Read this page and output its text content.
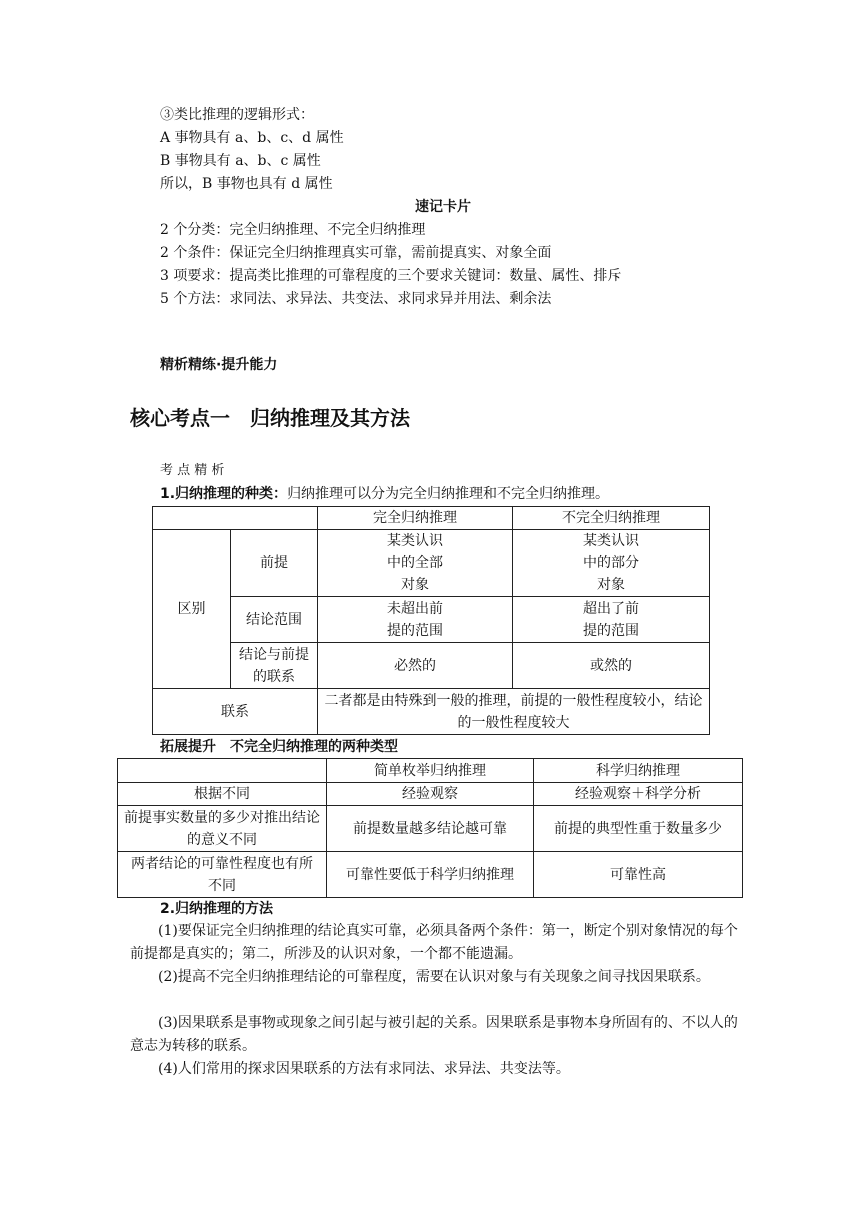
③类比推理的逻辑形式：
A 事物具有 a、b、c、d 属性
B 事物具有 a、b、c 属性
所以，B 事物也具有 d 属性
速记卡片
2 个分类：完全归纳推理、不完全归纳推理
2 个条件：保证完全归纳推理真实可靠，需前提真实、对象全面
3 项要求：提高类比推理的可靠程度的三个要求关键词：数量、属性、排斥
5 个方法：求同法、求异法、共变法、求同求异并用法、剩余法
精析精练·提升能力
核心考点一　归纳推理及其方法
考 点 精 析
1.归纳推理的种类：归纳推理可以分为完全归纳推理和不完全归纳推理。
		完全归纳推理	不完全归纳推理
区别	前提	某类认识中的全部对象	某类认识中的部分对象
	结论范围	未超出前提的范围	超出了前提的范围
	结论与前提的联系	必然的	或然的
联系		二者都是由特殊到一般的推理，前提的一般性程度较小，结论的一般性程度较大	
拓展提升　不完全归纳推理的两种类型
	简单枚举归纳推理	科学归纳推理
根据不同	经验观察	经验观察＋科学分析
前提事实数量的多少对推出结论的意义不同	前提数量越多结论越可靠	前提的典型性重于数量多少
两者结论的可靠性程度也有所不同	可靠性要低于科学归纳推理	可靠性高
2.归纳推理的方法
(1)要保证完全归纳推理的结论真实可靠，必须具备两个条件：第一，断定个别对象情况的每个前提都是真实的；第二，所涉及的认识对象，一个都不能遗漏。
(2)提高不完全归纳推理结论的可靠程度，需要在认识对象与有关现象之间寻找因果联系。
(3)因果联系是事物或现象之间引起与被引起的关系。因果联系是事物本身所固有的、不以人的意志为转移的联系。
(4)人们常用的探求因果联系的方法有求同法、求异法、共变法等。
